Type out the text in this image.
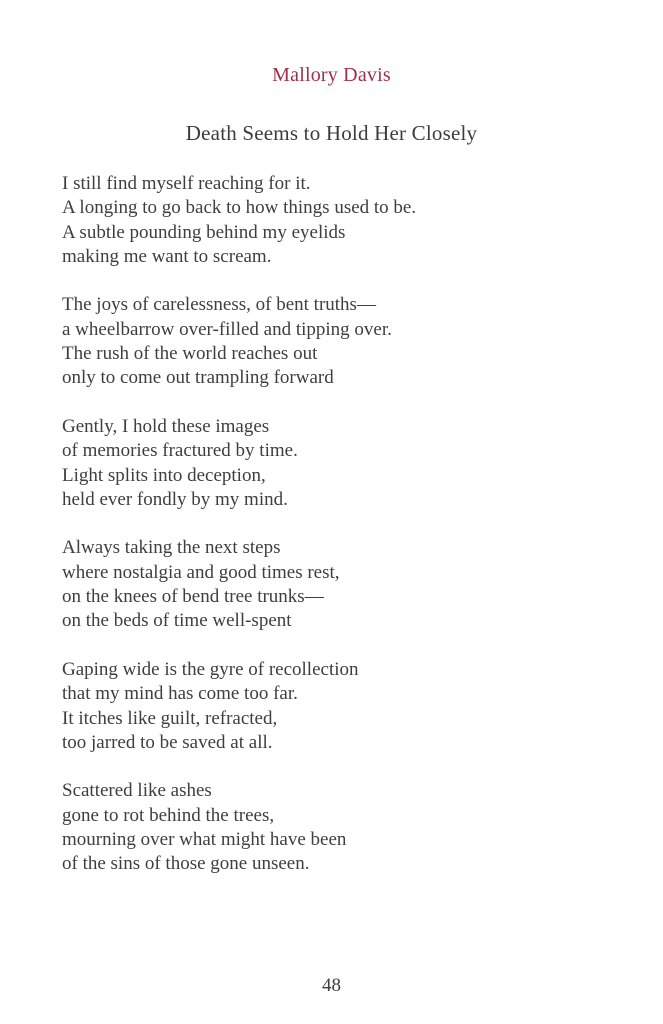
Mallory Davis
Death Seems to Hold Her Closely
I still find myself reaching for it.
A longing to go back to how things used to be.
A subtle pounding behind my eyelids
making me want to scream.
The joys of carelessness, of bent truths—
a wheelbarrow over-filled and tipping over.
The rush of the world reaches out
only to come out trampling forward
Gently, I hold these images
of memories fractured by time.
Light splits into deception,
held ever fondly by my mind.
Always taking the next steps
where nostalgia and good times rest,
on the knees of bend tree trunks—
on the beds of time well-spent
Gaping wide is the gyre of recollection
that my mind has come too far.
It itches like guilt, refracted,
too jarred to be saved at all.
Scattered like ashes
gone to rot behind the trees,
mourning over what might have been
of the sins of those gone unseen.
48
